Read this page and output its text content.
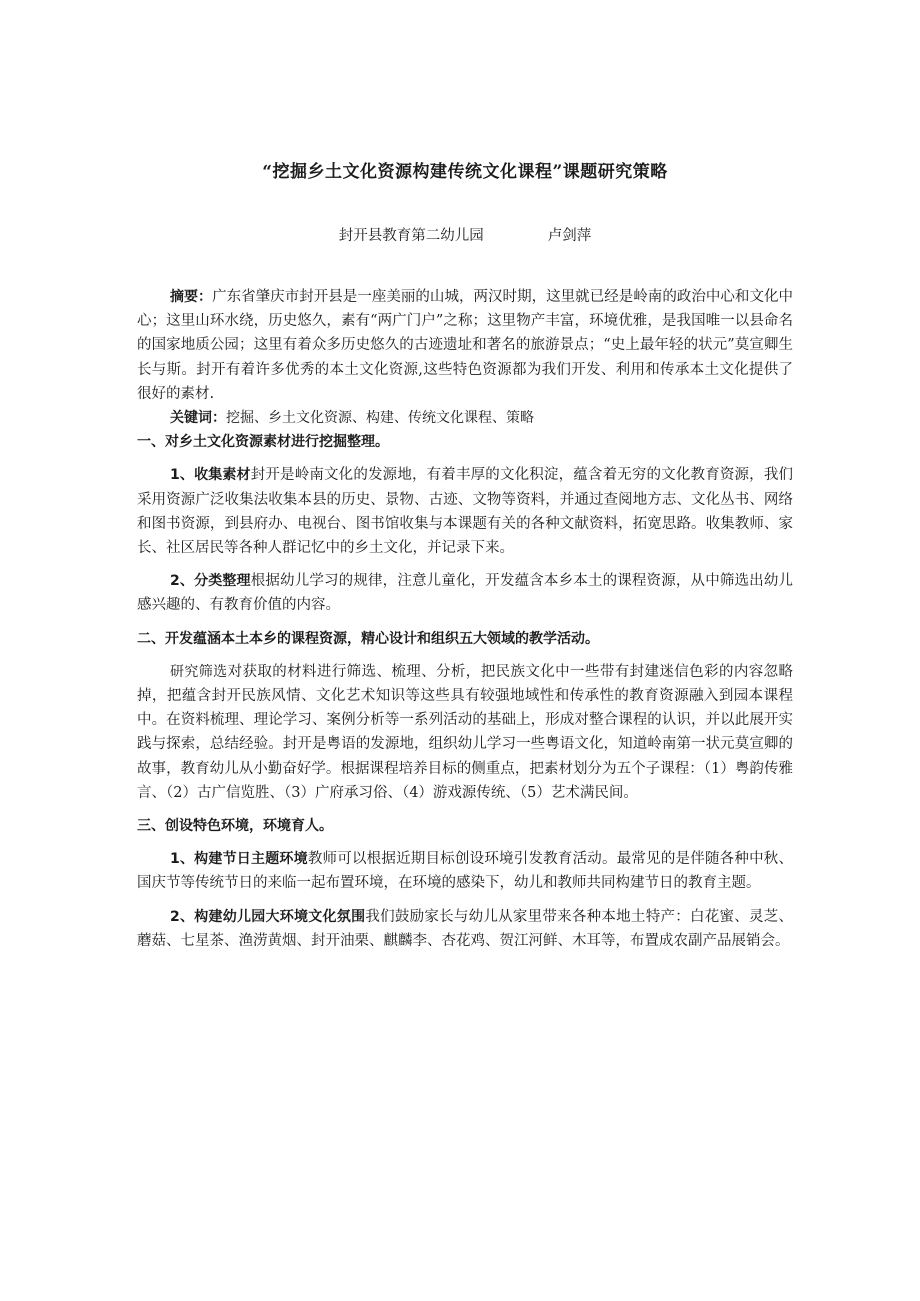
“挖掘乡土文化资源构建传统文化课程”课题研究策略

封开县教育第二幼儿园	卢剑萍

摘要：广东省肇庆市封开县是一座美丽的山城，两汉时期，这里就已经是岭南的政治中心和文化中心；这里山环水绕，历史悠久，素有“两广门户”之称；这里物产丰富，环境优雅，是我国唯一以县命名的国家地质公园；这里有着众多历史悠久的古迹遗址和著名的旅游景点；“史上最年轻的状元”莫宣卿生长与斯。封开有着许多优秀的本土文化资源,这些特色资源都为我们开发、利用和传承本土文化提供了很好的素材.

关键词：挖掘、乡土文化资源、构建、传统文化课程、策略

一、对乡土文化资源素材进行挖掘整理。

1、收集素材封开是岭南文化的发源地，有着丰厚的文化积淀，蕴含着无穷的文化教育资源，我们采用资源广泛收集法收集本县的历史、景物、古迹、文物等资料，并通过查阅地方志、文化丛书、网络和图书资源，到县府办、电视台、图书馆收集与本课题有关的各种文献资料，拓宽思路。收集教师、家长、社区居民等各种人群记忆中的乡土文化，并记录下来。

2、分类整理根据幼儿学习的规律，注意儿童化，开发蕴含本乡本土的课程资源，从中筛选出幼儿感兴趣的、有教育价值的内容。

二、开发蕴涵本土本乡的课程资源，精心设计和组织五大领域的教学活动。

研究筛选对获取的材料进行筛选、梳理、分析，把民族文化中一些带有封建迷信色彩的内容忽略掉，把蕴含封开民族风情、文化艺术知识等这些具有较强地域性和传承性的教育资源融入到园本课程中。在资料梳理、理论学习、案例分析等一系列活动的基础上，形成对整合课程的认识，并以此展开实践与探索，总结经验。封开是粤语的发源地，组织幼儿学习一些粤语文化，知道岭南第一状元莫宣卿的故事，教育幼儿从小勤奋好学。根据课程培养目标的侧重点，把素材划分为五个子课程：（1）粤韵传雅言、（2）古广信览胜、（3）广府承习俗、（4）游戏源传统、（5）艺术满民间。

三、创设特色环境，环境育人。

1、构建节日主题环境教师可以根据近期目标创设环境引发教育活动。最常见的是伴随各种中秋、国庆节等传统节日的来临一起布置环境，在环境的感染下，幼儿和教师共同构建节日的教育主题。

2、构建幼儿园大环境文化氛围我们鼓励家长与幼儿从家里带来各种本地土特产：白花蜜、灵芝、蘑菇、七星茶、渔涝黄烟、封开油栗、麒麟李、杏花鸡、贺江河鲜、木耳等，布置成农副产品展销会。
